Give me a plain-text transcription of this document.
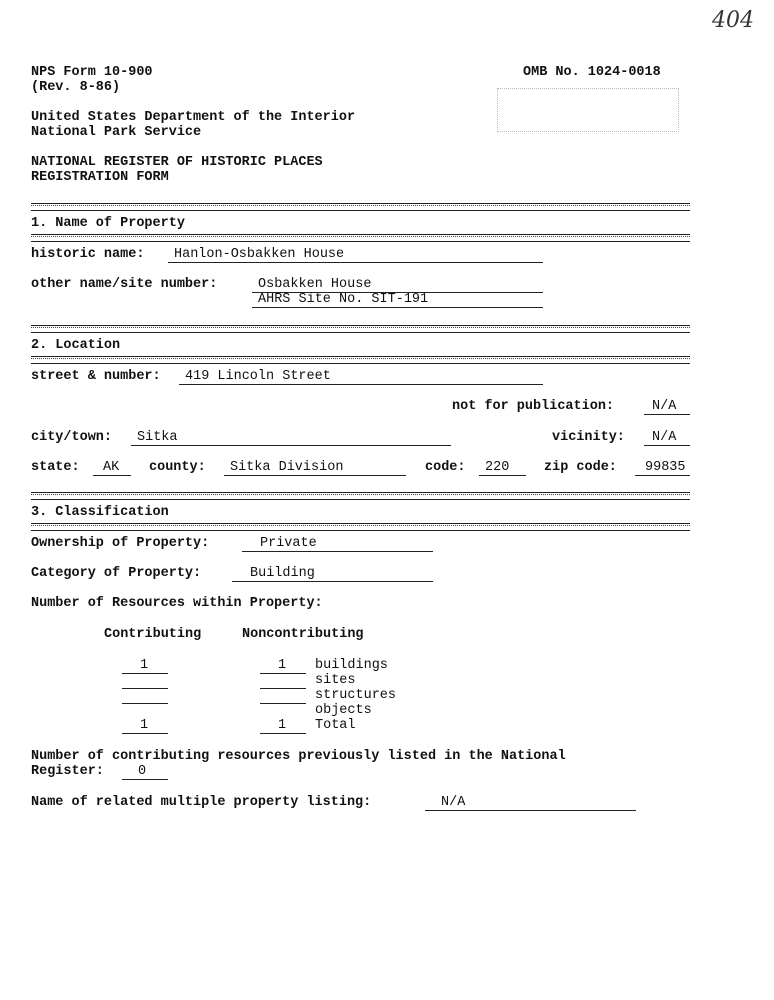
404
NPS Form 10-900
(Rev. 8-86)
OMB No. 1024-0018
United States Department of the Interior
National Park Service
NATIONAL REGISTER OF HISTORIC PLACES
REGISTRATION FORM
1. Name of Property
historic name:	Hanlon-Osbakken House
other name/site number:	Osbakken House
AHRS Site No. SIT-191
2. Location
street & number:	419 Lincoln Street
not for publication:	N/A
city/town:	Sitka	vicinity:	N/A
state:	AK	county:	Sitka Division	code:	220	zip code:	99835
3. Classification
Ownership of Property:	Private
Category of Property:	Building
Number of Resources within Property:
Contributing	Noncontributing
1	1	buildings
sites
structures
objects
1	1	Total
Number of contributing resources previously listed in the National
Register:	0
Name of related multiple property listing:	N/A
